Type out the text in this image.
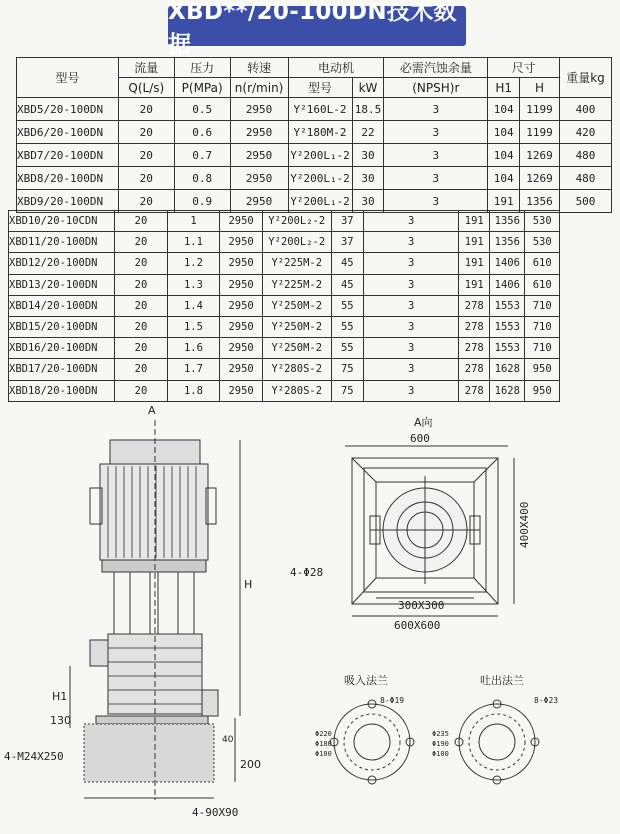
XBD**/20-100DN技术数据
型号	流量	压力	转速	电动机		必需汽蚀余量	尺寸		重量kg
	Q(L/s)	P(MPa)	n(r/min)	型号	kW	(NPSH)r	H1	H	
XBD5/20-100DN	20	0.5	2950	Y²160L-2	18.5	3	104	1199	400
XBD6/20-100DN	20	0.6	2950	Y²180M-2	22	3	104	1199	420
XBD7/20-100DN	20	0.7	2950	Y²200L₁-2	30	3	104	1269	480
XBD8/20-100DN	20	0.8	2950	Y²200L₁-2	30	3	104	1269	480
XBD9/20-100DN	20	0.9	2950	Y²200L₁-2	30	3	191	1356	500
XBD10/20-10CDN	20	1	2950	Y²200L₂-2	37	3	191	1356	530
XBD11/20-100DN	20	1.1	2950	Y²200L₂-2	37	3	191	1356	530
XBD12/20-100DN	20	1.2	2950	Y²225M-2	45	3	191	1406	610
XBD13/20-100DN	20	1.3	2950	Y²225M-2	45	3	191	1406	610
XBD14/20-100DN	20	1.4	2950	Y²250M-2	55	3	278	1553	710
XBD15/20-100DN	20	1.5	2950	Y²250M-2	55	3	278	1553	710
XBD16/20-100DN	20	1.6	2950	Y²250M-2	55	3	278	1553	710
XBD17/20-100DN	20	1.7	2950	Y²280S-2	75	3	278	1628	950
XBD18/20-100DN	20	1.8	2950	Y²280S-2	75	3	278	1628	950
A
H
H1
130
200
40
4-M24X250
4-90X90
A向
600
400X400
4-Φ28
300X300
600X600
吸入法兰
8-Φ19
Φ220
Φ180
Φ100
吐出法兰
8-Φ23
Φ235
Φ190
Φ100
